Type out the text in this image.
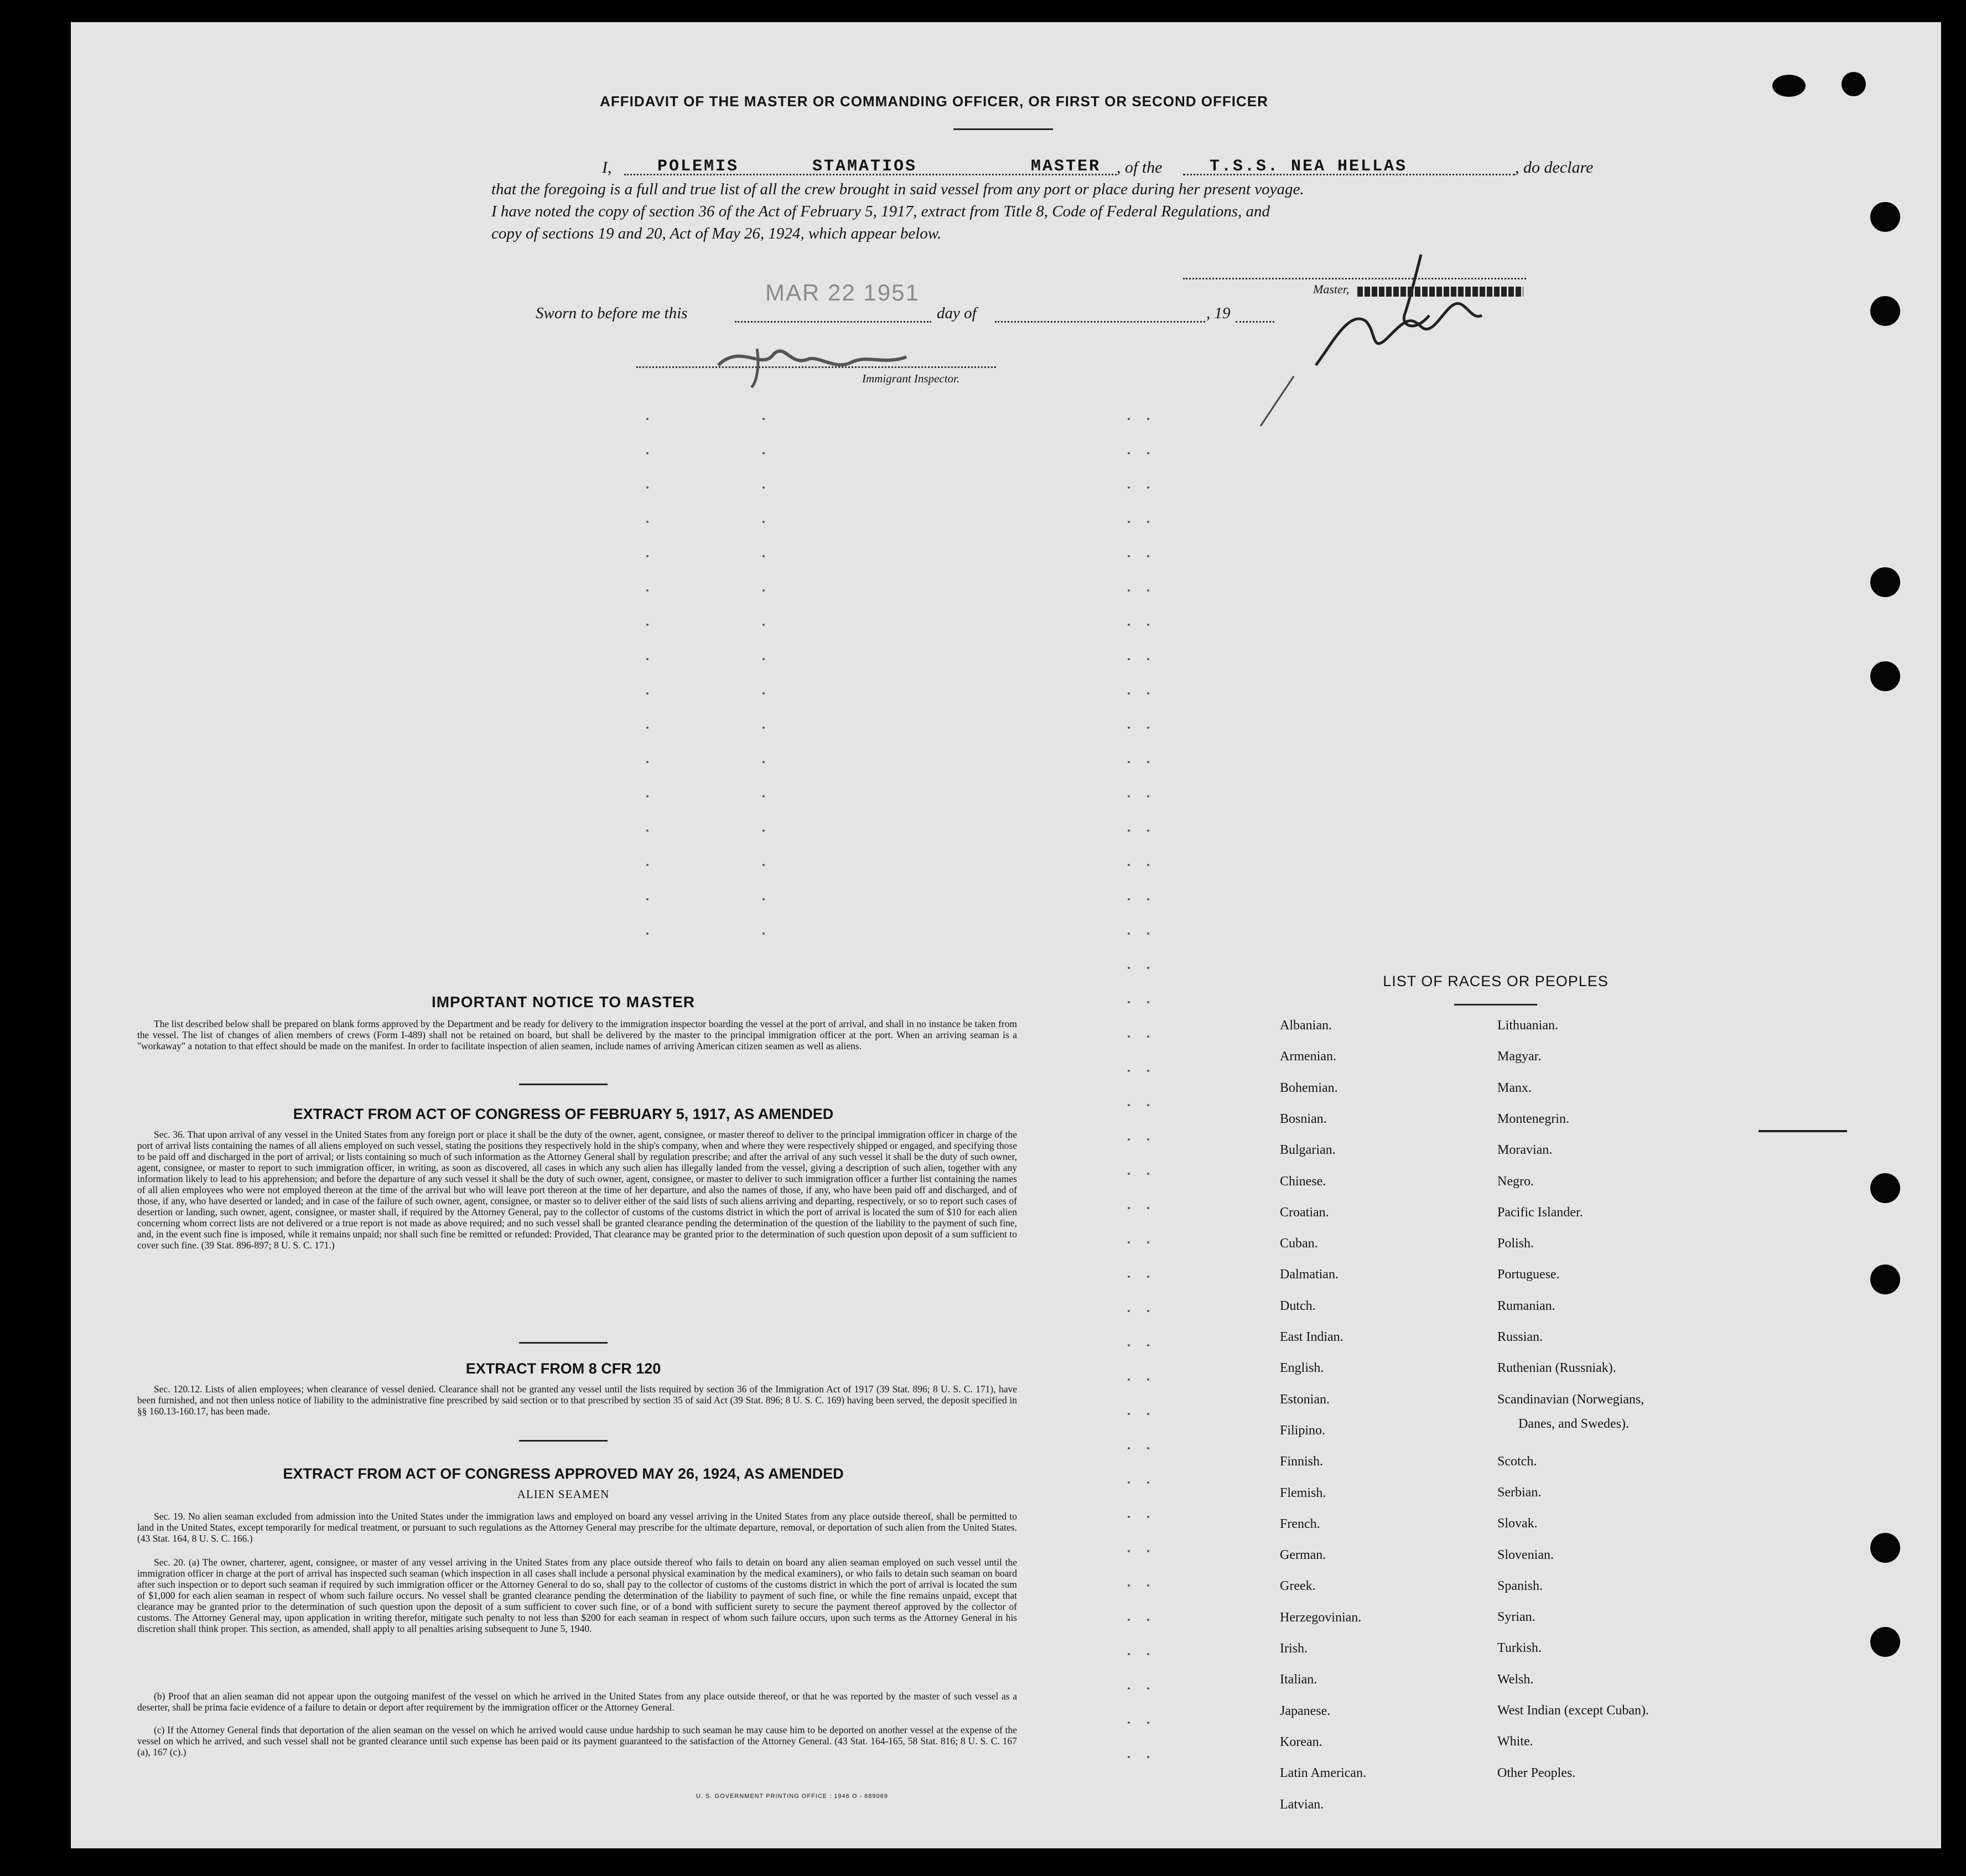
AFFIDAVIT OF THE MASTER OR COMMANDING OFFICER, OR FIRST OR SECOND OFFICER
I,	POLEMIS	STAMATIOS	MASTER , of the	T.S.S. NEA HELLAS	, do declare
that the foregoing is a full and true list of all the crew brought in said vessel from any port or place during her present voyage.
I have noted the copy of section 36 of the Act of February 5, 1917, extract from Title 8, Code of Federal Regulations, and
copy of sections 19 and 20, Act of May 26, 1924, which appear below.
Master,
Sworn to before me this
MAR 22 1951
day of	, 19
Immigrant Inspector.
IMPORTANT NOTICE TO MASTER
The list described below shall be prepared on blank forms approved by the Department and be ready for delivery to the immigration inspector boarding the vessel at the port of arrival, and shall in no instance be taken from the vessel. The list of changes of alien members of crews (Form I-489) shall not be retained on board, but shall be delivered by the master to the principal immigration officer at the port. When an arriving seaman is a "workaway" a notation to that effect should be made on the manifest. In order to facilitate inspection of alien seamen, include names of arriving American citizen seamen as well as aliens.
EXTRACT FROM ACT OF CONGRESS OF FEBRUARY 5, 1917, AS AMENDED
Sec. 36. That upon arrival of any vessel in the United States from any foreign port or place it shall be the duty of the owner, agent, consignee, or master thereof to deliver to the principal immigration officer in charge of the port of arrival lists containing the names of all aliens employed on such vessel, stating the positions they respectively hold in the ship's company, when and where they were respectively shipped or engaged, and specifying those to be paid off and discharged in the port of arrival; or lists containing so much of such information as the Attorney General shall by regulation prescribe; and after the arrival of any such vessel it shall be the duty of such owner, agent, consignee, or master to report to such immigration officer, in writing, as soon as discovered, all cases in which any such alien has illegally landed from the vessel, giving a description of such alien, together with any information likely to lead to his apprehension; and before the departure of any such vessel it shall be the duty of such owner, agent, consignee, or master to deliver to such immigration officer a further list containing the names of all alien employees who were not employed thereon at the time of the arrival but who will leave port thereon at the time of her departure, and also the names of those, if any, who have been paid off and discharged, and of those, if any, who have deserted or landed; and in case of the failure of such owner, agent, consignee, or master so to deliver either of the said lists of such aliens arriving and departing, respectively, or so to report such cases of desertion or landing, such owner, agent, consignee, or master shall, if required by the Attorney General, pay to the collector of customs of the customs district in which the port of arrival is located the sum of $10 for each alien concerning whom correct lists are not delivered or a true report is not made as above required; and no such vessel shall be granted clearance pending the determination of the question of the liability to the payment of such fine, and, in the event such fine is imposed, while it remains unpaid; nor shall such fine be remitted or refunded: Provided, That clearance may be granted prior to the determination of such question upon deposit of a sum sufficient to cover such fine. (39 Stat. 896-897; 8 U. S. C. 171.)
EXTRACT FROM 8 CFR 120
Sec. 120.12. Lists of alien employees; when clearance of vessel denied. Clearance shall not be granted any vessel until the lists required by section 36 of the Immigration Act of 1917 (39 Stat. 896; 8 U. S. C. 171), have been furnished, and not then unless notice of liability to the administrative fine prescribed by said section or to that prescribed by section 35 of said Act (39 Stat. 896; 8 U. S. C. 169) having been served, the deposit specified in §§ 160.13-160.17, has been made.
EXTRACT FROM ACT OF CONGRESS APPROVED MAY 26, 1924, AS AMENDED
ALIEN SEAMEN
Sec. 19. No alien seaman excluded from admission into the United States under the immigration laws and employed on board any vessel arriving in the United States from any place outside thereof, shall be permitted to land in the United States, except temporarily for medical treatment, or pursuant to such regulations as the Attorney General may prescribe for the ultimate departure, removal, or deportation of such alien from the United States. (43 Stat. 164, 8 U. S. C. 166.)
Sec. 20. (a) The owner, charterer, agent, consignee, or master of any vessel arriving in the United States from any place outside thereof who fails to detain on board any alien seaman employed on such vessel until the immigration officer in charge at the port of arrival has inspected such seaman (which inspection in all cases shall include a personal physical examination by the medical examiners), or who fails to detain such seaman on board after such inspection or to deport such seaman if required by such immigration officer or the Attorney General to do so, shall pay to the collector of customs of the customs district in which the port of arrival is located the sum of $1,000 for each alien seaman in respect of whom such failure occurs. No vessel shall be granted clearance pending the determination of the liability to payment of such fine, or while the fine remains unpaid, except that clearance may be granted prior to the determination of such question upon the deposit of a sum sufficient to cover such fine, or of a bond with sufficient surety to secure the payment thereof approved by the collector of customs. The Attorney General may, upon application in writing therefor, mitigate such penalty to not less than $200 for each seaman in respect of whom such failure occurs, upon such terms as the Attorney General in his discretion shall think proper. This section, as amended, shall apply to all penalties arising subsequent to June 5, 1940.
(b) Proof that an alien seaman did not appear upon the outgoing manifest of the vessel on which he arrived in the United States from any place outside thereof, or that he was reported by the master of such vessel as a deserter, shall be prima facie evidence of a failure to detain or deport after requirement by the immigration officer or the Attorney General.
(c) If the Attorney General finds that deportation of the alien seaman on the vessel on which he arrived would cause undue hardship to such seaman he may cause him to be deported on another vessel at the expense of the vessel on which he arrived, and such vessel shall not be granted clearance until such expense has been paid or its payment guaranteed to the satisfaction of the Attorney General. (43 Stat. 164-165, 58 Stat. 816; 8 U. S. C. 167 (a), 167 (c).)
U. S. GOVERNMENT PRINTING OFFICE : 1946 O - 689069
LIST OF RACES OR PEOPLES
Albanian.
Armenian.
Bohemian.
Bosnian.
Bulgarian.
Chinese.
Croatian.
Cuban.
Dalmatian.
Dutch.
East Indian.
English.
Estonian.
Filipino.
Finnish.
Flemish.
French.
German.
Greek.
Herzegovinian.
Irish.
Italian.
Japanese.
Korean.
Latin American.
Latvian.
Lithuanian.
Magyar.
Manx.
Montenegrin.
Moravian.
Negro.
Pacific Islander.
Polish.
Portuguese.
Rumanian.
Russian.
Ruthenian (Russniak).
Scandinavian (Norwegians,
Scotch.
Serbian.
Slovak.
Slovenian.
Spanish.
Syrian.
Turkish.
Welsh.
West Indian (except Cuban).
White.
Other Peoples.
Danes, and Swedes).
